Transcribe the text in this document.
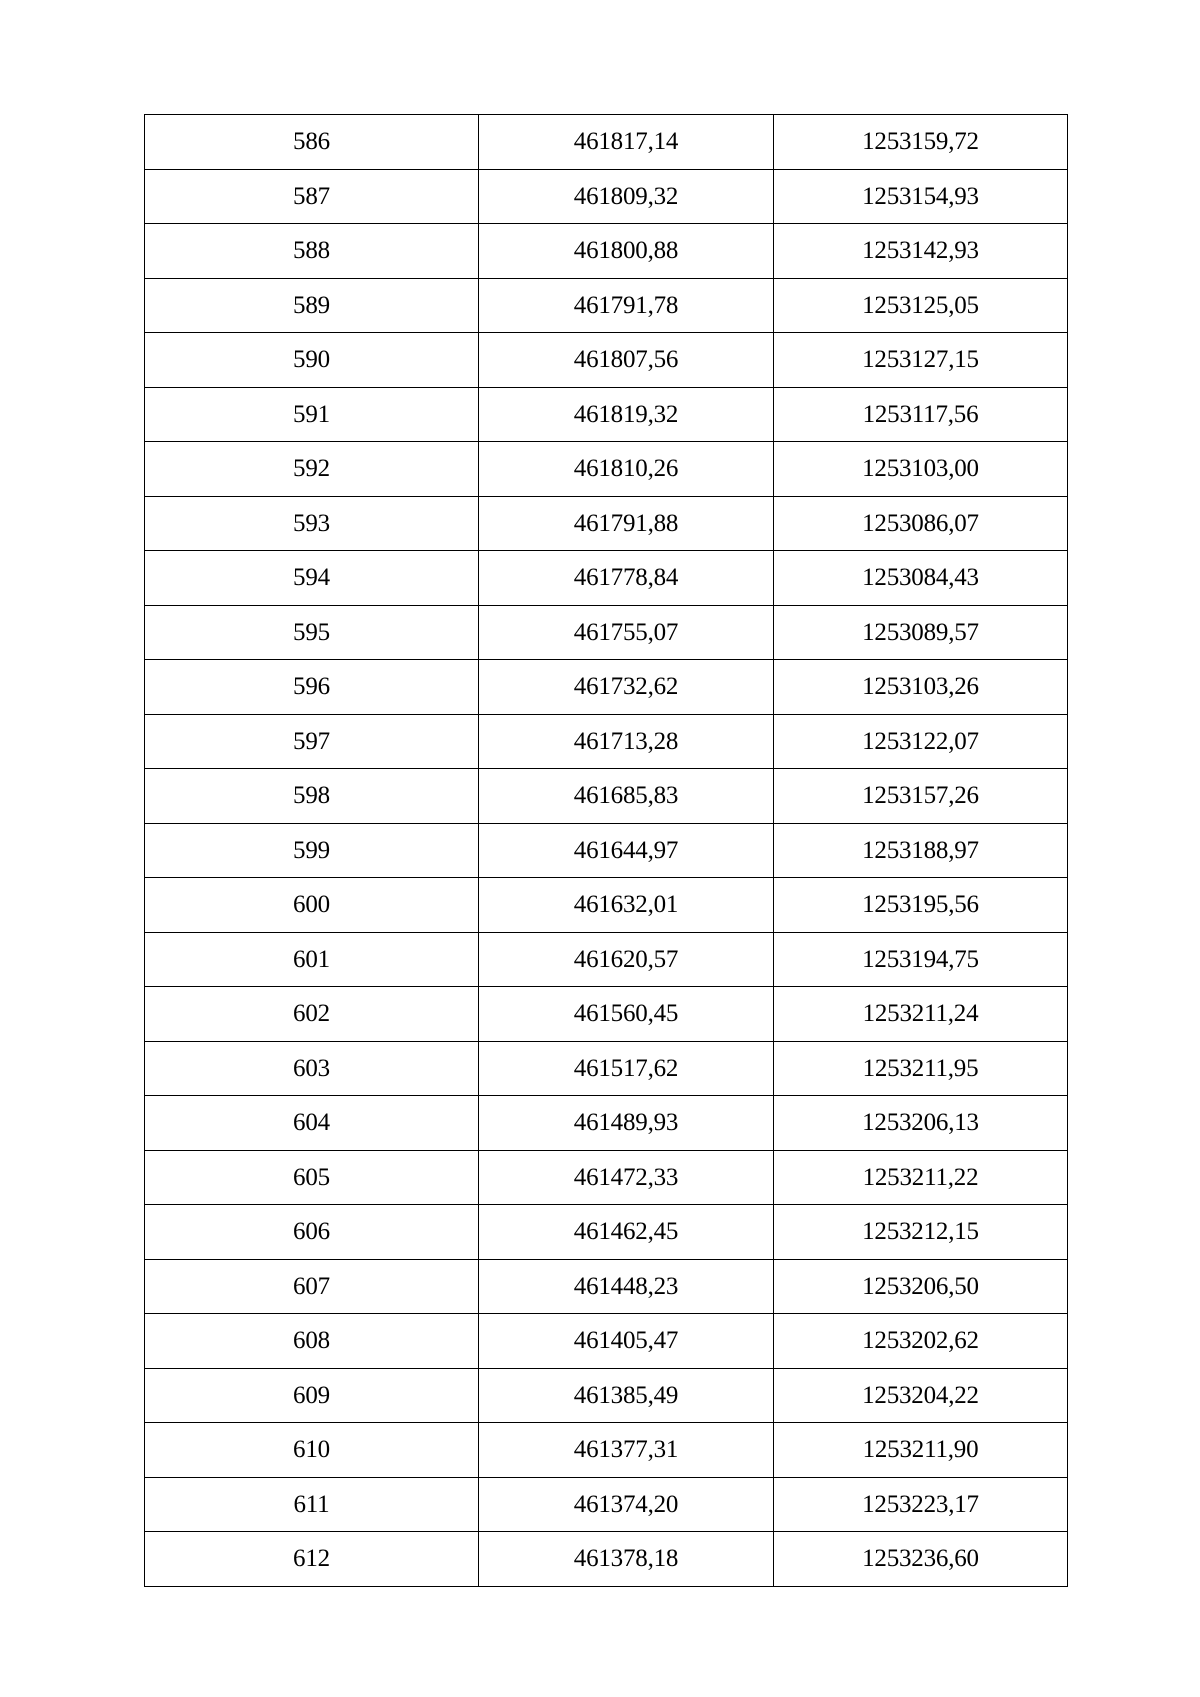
586	461817,14	1253159,72
587	461809,32	1253154,93
588	461800,88	1253142,93
589	461791,78	1253125,05
590	461807,56	1253127,15
591	461819,32	1253117,56
592	461810,26	1253103,00
593	461791,88	1253086,07
594	461778,84	1253084,43
595	461755,07	1253089,57
596	461732,62	1253103,26
597	461713,28	1253122,07
598	461685,83	1253157,26
599	461644,97	1253188,97
600	461632,01	1253195,56
601	461620,57	1253194,75
602	461560,45	1253211,24
603	461517,62	1253211,95
604	461489,93	1253206,13
605	461472,33	1253211,22
606	461462,45	1253212,15
607	461448,23	1253206,50
608	461405,47	1253202,62
609	461385,49	1253204,22
610	461377,31	1253211,90
611	461374,20	1253223,17
612	461378,18	1253236,60
